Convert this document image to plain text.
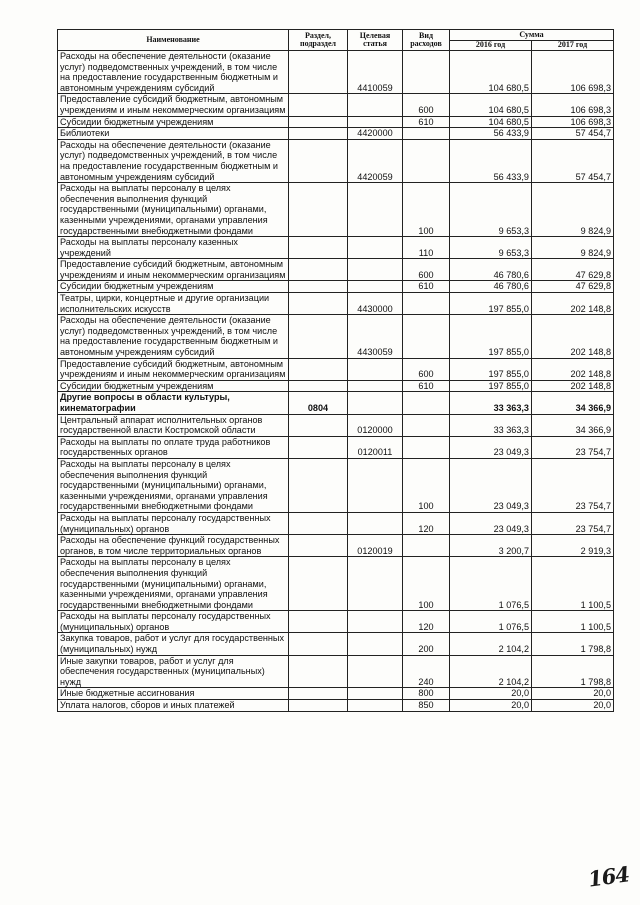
Наименование	Раздел, подраздел	Целевая статья	Вид расходов	Сумма	
				2016 год	2017 год
Расходы на обеспечение деятельности (оказание услуг) подведомственных учреждений, в том числе на предоставление государственным бюджетным и автономным учреждениям субсидий		4410059		104 680,5	106 698,3
Предоставление субсидий бюджетным, автономным учреждениям и иным некоммерческим организациям			600	104 680,5	106 698,3
Субсидии бюджетным учреждениям			610	104 680,5	106 698,3
Библиотеки		4420000		56 433,9	57 454,7
Расходы на обеспечение деятельности (оказание услуг) подведомственных учреждений, в том числе на предоставление государственным бюджетным и автономным учреждениям субсидий		4420059		56 433,9	57 454,7
Расходы на выплаты персоналу в целях обеспечения выполнения функций государственными (муниципальными) органами, казенными учреждениями, органами управления государственными внебюджетными фондами			100	9 653,3	9 824,9
Расходы на выплаты персоналу казенных учреждений			110	9 653,3	9 824,9
Предоставление субсидий бюджетным, автономным учреждениям и иным некоммерческим организациям			600	46 780,6	47 629,8
Субсидии бюджетным учреждениям			610	46 780,6	47 629,8
Театры, цирки, концертные и другие организации исполнительских искусств		4430000		197 855,0	202 148,8
Расходы на обеспечение деятельности (оказание услуг) подведомственных учреждений, в том числе на предоставление государственным бюджетным и автономным учреждениям субсидий		4430059		197 855,0	202 148,8
Предоставление субсидий бюджетным, автономным учреждениям и иным некоммерческим организациям			600	197 855,0	202 148,8
Субсидии бюджетным учреждениям			610	197 855,0	202 148,8
Другие вопросы в области культуры, кинематографии	0804			33 363,3	34 366,9
Центральный аппарат исполнительных органов государственной власти Костромской области		0120000		33 363,3	34 366,9
Расходы на выплаты по оплате труда работников государственных органов		0120011		23 049,3	23 754,7
Расходы на выплаты персоналу в целях обеспечения выполнения функций государственными (муниципальными) органами, казенными учреждениями, органами управления государственными внебюджетными фондами			100	23 049,3	23 754,7
Расходы на выплаты персоналу государственных (муниципальных) органов			120	23 049,3	23 754,7
Расходы на обеспечение функций государственных органов, в том числе территориальных органов		0120019		3 200,7	2 919,3
Расходы на выплаты персоналу в целях обеспечения выполнения функций государственными (муниципальными) органами, казенными учреждениями, органами управления государственными внебюджетными фондами			100	1 076,5	1 100,5
Расходы на выплаты персоналу государственных (муниципальных) органов			120	1 076,5	1 100,5
Закупка товаров, работ и услуг для государственных (муниципальных) нужд			200	2 104,2	1 798,8
Иные закупки товаров, работ и услуг для обеспечения государственных (муниципальных) нужд			240	2 104,2	1 798,8
Иные бюджетные ассигнования			800	20,0	20,0
Уплата налогов, сборов и иных платежей			850	20,0	20,0
164
